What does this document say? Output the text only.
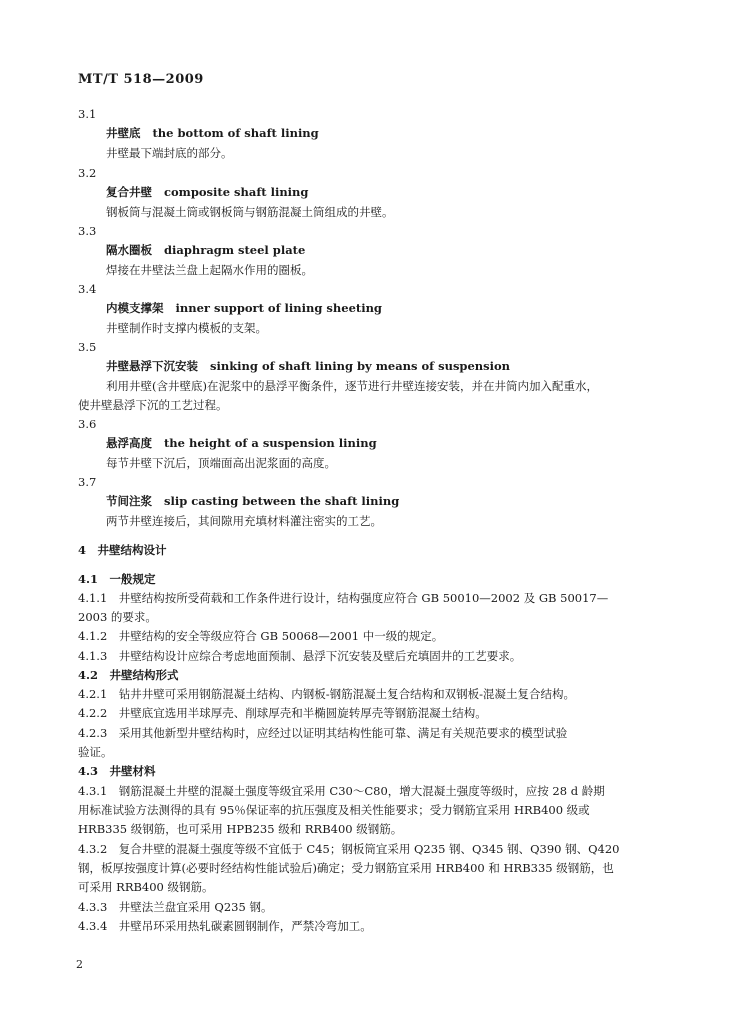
MT/T 518—2009
3.1
井壁底 the bottom of shaft lining
井壁最下端封底的部分。
3.2
复合井壁 composite shaft lining
钢板筒与混凝土筒或钢板筒与钢筋混凝土筒组成的井壁。
3.3
隔水圈板 diaphragm steel plate
焊接在井壁法兰盘上起隔水作用的圈板。
3.4
内模支撑架 inner support of lining sheeting
井壁制作时支撑内模板的支架。
3.5
井壁悬浮下沉安装 sinking of shaft lining by means of suspension
利用井壁(含井壁底)在泥浆中的悬浮平衡条件，逐节进行井壁连接安装，并在井筒内加入配重水，
使井壁悬浮下沉的工艺过程。
3.6
悬浮高度 the height of a suspension lining
每节井壁下沉后，顶端面高出泥浆面的高度。
3.7
节间注浆 slip casting between the shaft lining
两节井壁连接后，其间隙用充填材料灌注密实的工艺。
4　井壁结构设计
4.1　一般规定
4.1.1　井壁结构按所受荷载和工作条件进行设计，结构强度应符合 GB 50010—2002 及 GB 50017—
2003 的要求。
4.1.2　井壁结构的安全等级应符合 GB 50068—2001 中一级的规定。
4.1.3　井壁结构设计应综合考虑地面预制、悬浮下沉安装及壁后充填固井的工艺要求。
4.2　井壁结构形式
4.2.1　钻井井壁可采用钢筋混凝土结构、内钢板-钢筋混凝土复合结构和双钢板-混凝土复合结构。
4.2.2　井壁底宜选用半球厚壳、削球厚壳和半椭圆旋转厚壳等钢筋混凝土结构。
4.2.3　采用其他新型井壁结构时，应经过以证明其结构性能可靠、满足有关规范要求的模型试验
验证。
4.3　井壁材料
4.3.1　钢筋混凝土井壁的混凝土强度等级宜采用 C30～C80，增大混凝土强度等级时，应按 28 d 龄期
用标准试验方法测得的具有 95％保证率的抗压强度及相关性能要求；受力钢筋宜采用 HRB400 级或
HRB335 级钢筋，也可采用 HPB235 级和 RRB400 级钢筋。
4.3.2　复合井壁的混凝土强度等级不宜低于 C45；钢板筒宜采用 Q235 钢、Q345 钢、Q390 钢、Q420
钢，板厚按强度计算(必要时经结构性能试验后)确定；受力钢筋宜采用 HRB400 和 HRB335 级钢筋，也
可采用 RRB400 级钢筋。
4.3.3　井壁法兰盘宜采用 Q235 钢。
4.3.4　井壁吊环采用热轧碳素圆钢制作，严禁冷弯加工。
2
